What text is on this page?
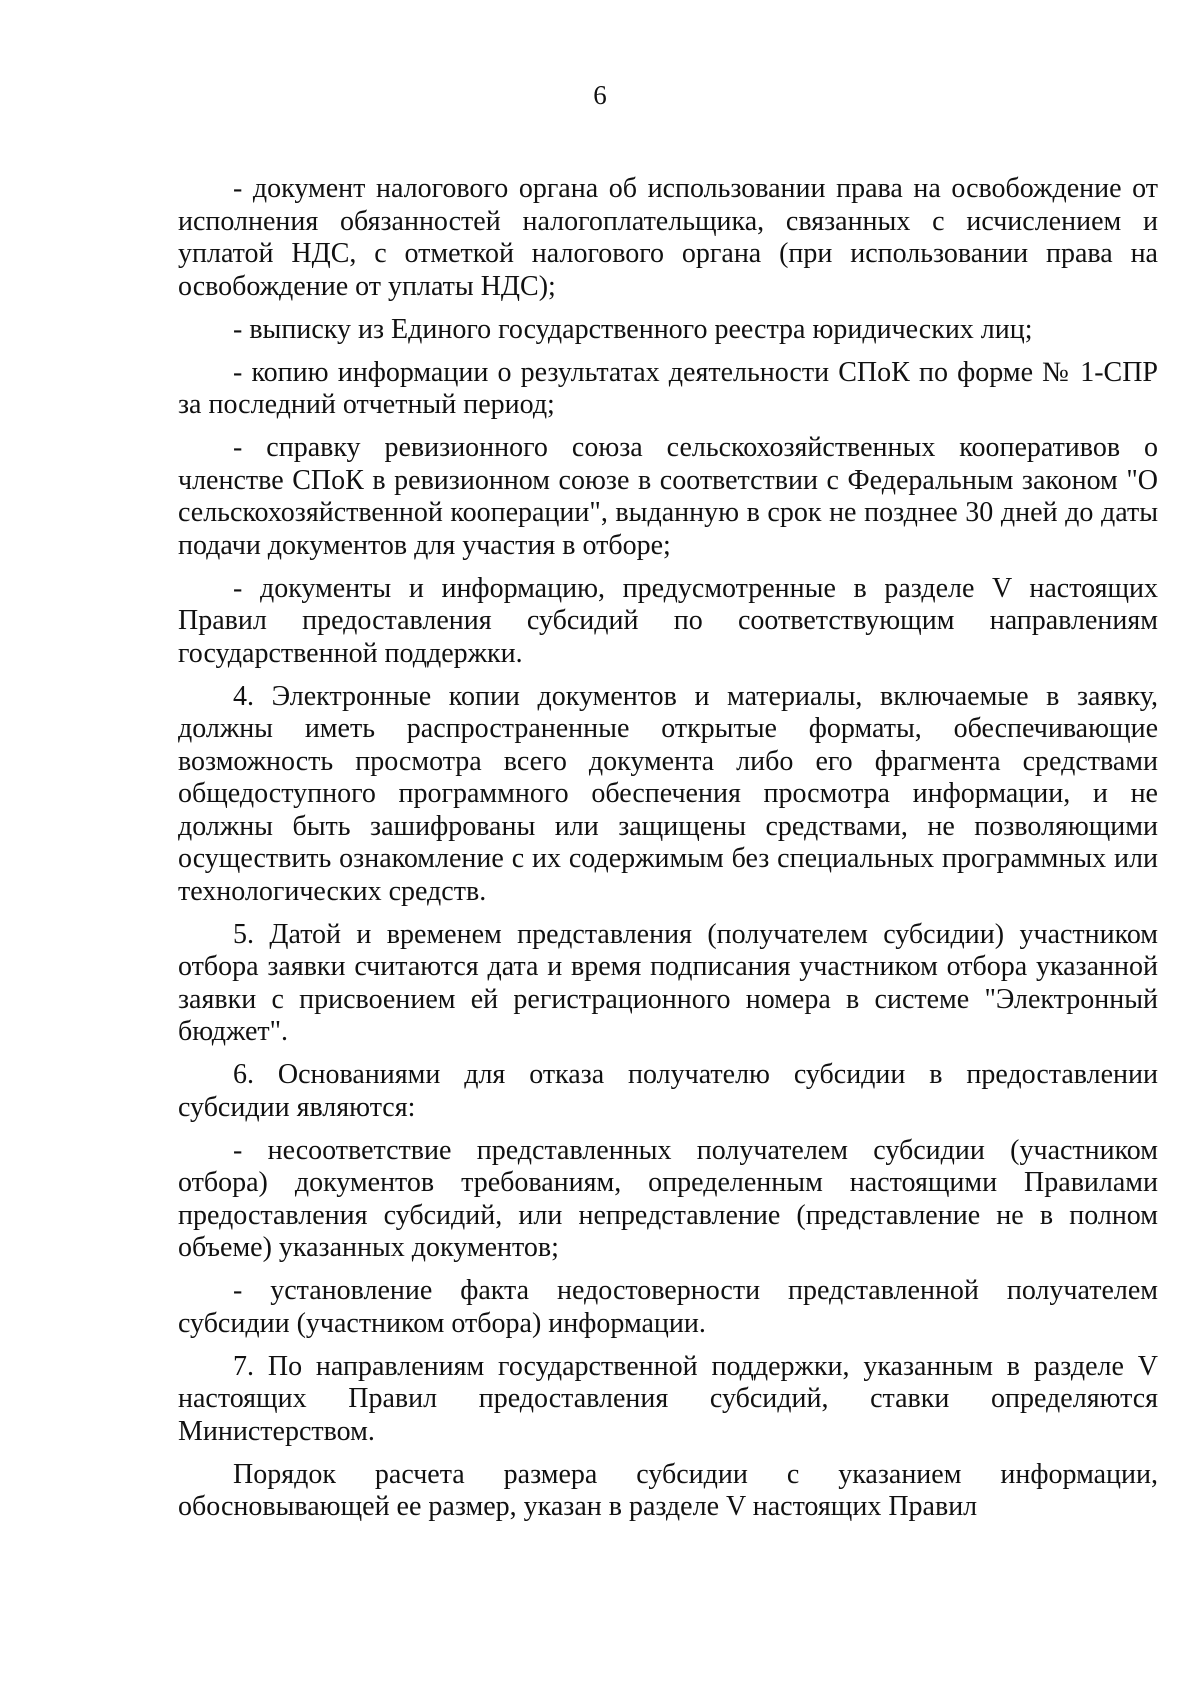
6

- документ налогового органа об использовании права на освобождение от исполнения обязанностей налогоплательщика, связанных с исчислением и уплатой НДС, с отметкой налогового органа (при использовании права на освобождение от уплаты НДС);

- выписку из Единого государственного реестра юридических лиц;

- копию информации о результатах деятельности СПоК по форме № 1-СПР за последний отчетный период;

- справку ревизионного союза сельскохозяйственных кооперативов о членстве СПоК в ревизионном союзе в соответствии с Федеральным законом "О сельскохозяйственной кооперации", выданную в срок не позднее 30 дней до даты подачи документов для участия в отборе;

- документы и информацию, предусмотренные в разделе V настоящих Правил предоставления субсидий по соответствующим направлениям государственной поддержки.

4. Электронные копии документов и материалы, включаемые в заявку, должны иметь распространенные открытые форматы, обеспечивающие возможность просмотра всего документа либо его фрагмента средствами общедоступного программного обеспечения просмотра информации, и не должны быть зашифрованы или защищены средствами, не позволяющими осуществить ознакомление с их содержимым без специальных программных или технологических средств.

5. Датой и временем представления (получателем субсидии) участником отбора заявки считаются дата и время подписания участником отбора указанной заявки с присвоением ей регистрационного номера в системе "Электронный бюджет".

6. Основаниями для отказа получателю субсидии в предоставлении субсидии являются:

- несоответствие представленных получателем субсидии (участником отбора) документов требованиям, определенным настоящими Правилами предоставления субсидий, или непредставление (представление не в полном объеме) указанных документов;

- установление факта недостоверности представленной получателем субсидии (участником отбора) информации.

7. По направлениям государственной поддержки, указанным в разделе V настоящих Правил предоставления субсидий, ставки определяются Министерством.

Порядок расчета размера субсидии с указанием информации, обосновывающей ее размер, указан в разделе V настоящих Правил
